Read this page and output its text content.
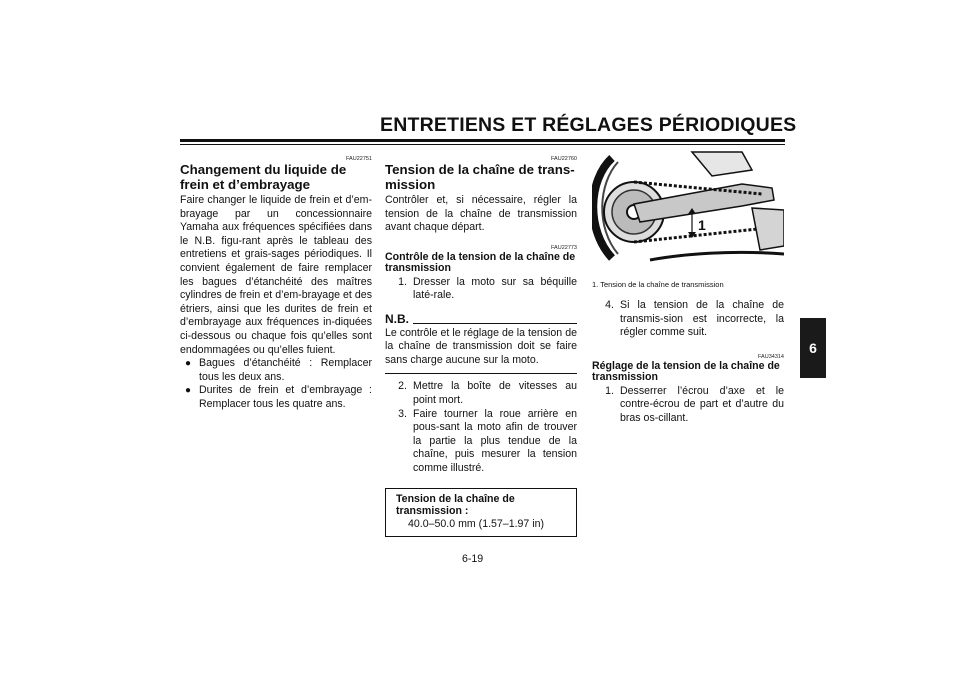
ENTRETIENS ET RÉGLAGES PÉRIODIQUES
6
FAU22751
Changement du liquide de frein et d’embrayage

Faire changer le liquide de frein et d’em-brayage par un concessionnaire Yamaha aux fréquences spécifiées dans le N.B. figu-rant après le tableau des entretiens et grais-sages périodiques. Il convient également de faire remplacer les bagues d’étanchéité des maîtres cylindres de frein et d’em-brayage et des étriers, ainsi que les durites de frein et d’embrayage aux fréquences in-diquées ci-dessous ou chaque fois qu’elles sont endommagées ou qu’elles fuient.

● Bagues d’étanchéité : Remplacer tous les deux ans.
● Durites de frein et d’embrayage : Remplacer tous les quatre ans.
FAU22760
Tension de la chaîne de trans-mission

Contrôler et, si nécessaire, régler la tension de la chaîne de transmission avant chaque départ.

FAU22773
Contrôle de la tension de la chaîne de transmission
1. Dresser la moto sur sa béquille laté-rale.
N.B.

Le contrôle et le réglage de la tension de la chaîne de transmission doit se faire sans charge aucune sur la moto.

2. Mettre la boîte de vitesses au point mort.
3. Faire tourner la roue arrière en pous-sant la moto afin de trouver la partie la plus tendue de la chaîne, puis mesurer la tension comme illustré.
Tension de la chaîne de transmission :
40.0–50.0 mm (1.57–1.97 in)
1
1. Tension de la chaîne de transmission
4. Si la tension de la chaîne de transmis-sion est incorrecte, la régler comme suit.
FAU34314
Réglage de la tension de la chaîne de transmission
1. Desserrer l’écrou d’axe et le contre-écrou de part et d’autre du bras os-cillant.
6-19
